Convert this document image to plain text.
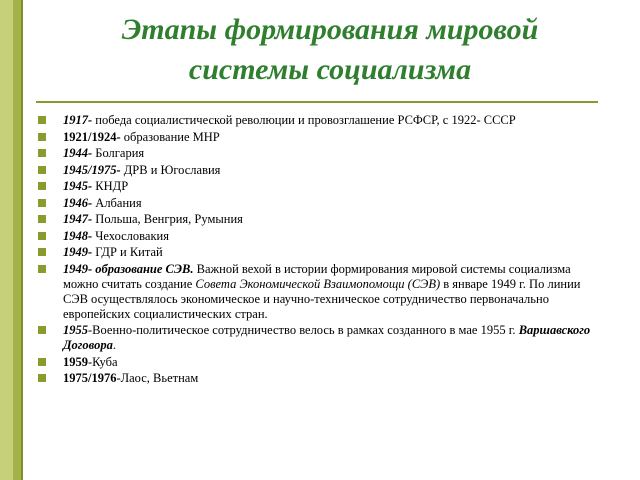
Этапы формирования мировой
системы социализма
1917- победа социалистической революции и провозглашение РСФСР, с 1922- СССР
1921/1924- образование МНР
1944- Болгария
1945/1975- ДРВ и Югославия
1945- КНДР
1946- Албания
1947- Польша, Венгрия, Румыния
1948- Чехословакия
1949- ГДР и Китай
1949- образование СЭВ. Важной вехой в истории формирования мировой системы социализма можно считать создание Совета Экономической Взаимопомощи (СЭВ) в январе 1949 г. По линии СЭВ осуществлялось экономическое и научно-техническое сотрудничество первоначально европейских социалистических стран.
1955-Военно-политическое сотрудничество велось в рамках созданного в мае 1955 г. Варшавского Договора.
1959-Куба
1975/1976-Лаос, Вьетнам
